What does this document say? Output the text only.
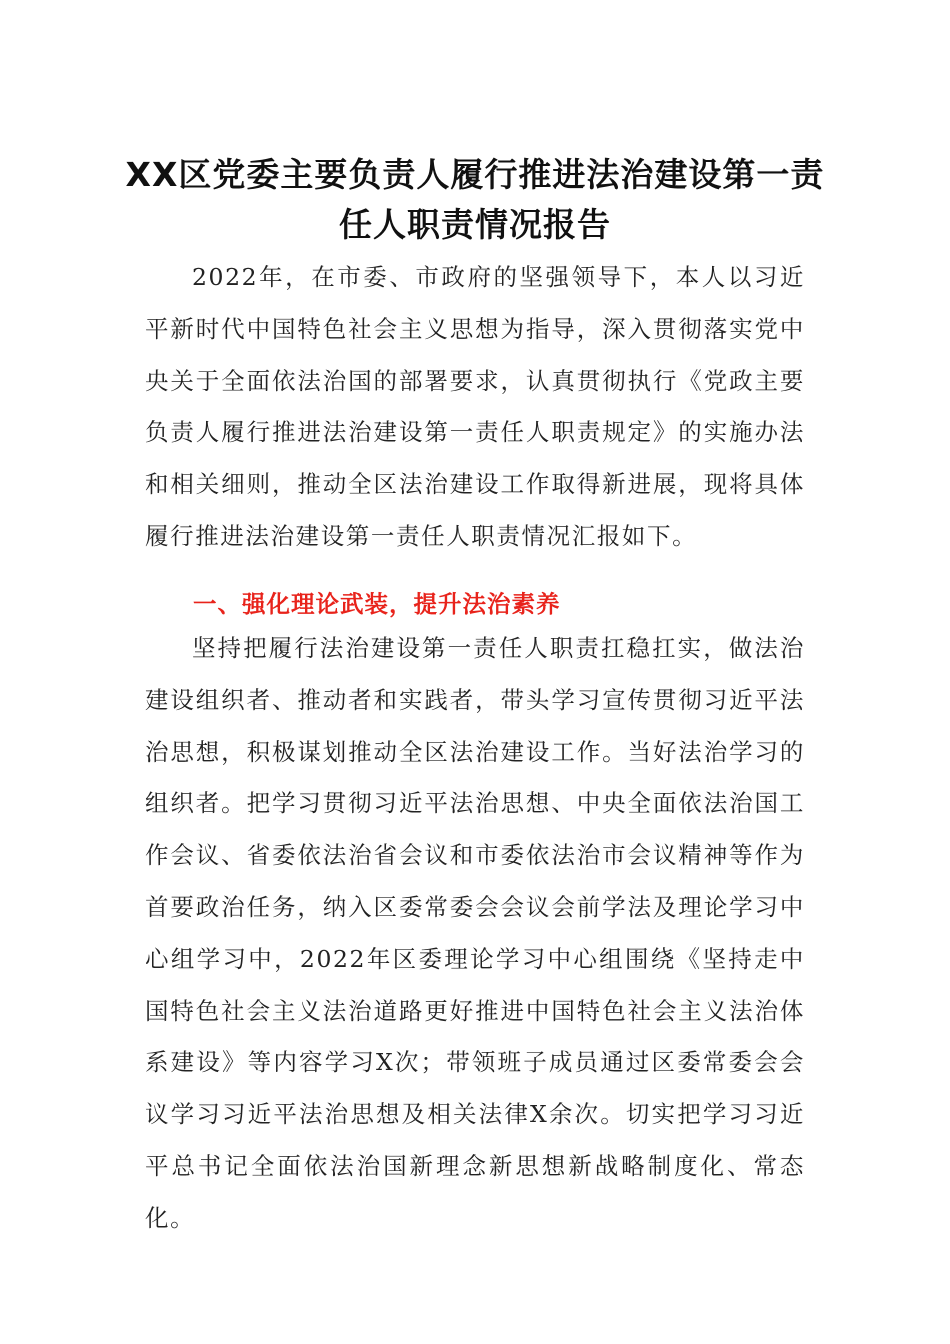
XX区党委主要负责人履行推进法治建设第一责任人职责情况报告

2022年，在市委、市政府的坚强领导下，本人以习近平新时代中国特色社会主义思想为指导，深入贯彻落实党中央关于全面依法治国的部署要求，认真贯彻执行《党政主要负责人履行推进法治建设第一责任人职责规定》的实施办法和相关细则，推动全区法治建设工作取得新进展，现将具体履行推进法治建设第一责任人职责情况汇报如下。

一、强化理论武装，提升法治素养

坚持把履行法治建设第一责任人职责扛稳扛实，做法治建设组织者、推动者和实践者，带头学习宣传贯彻习近平法治思想，积极谋划推动全区法治建设工作。当好法治学习的组织者。把学习贯彻习近平法治思想、中央全面依法治国工作会议、省委依法治省会议和市委依法治市会议精神等作为首要政治任务，纳入区委常委会会议会前学法及理论学习中心组学习中，2022年区委理论学习中心组围绕《坚持走中国特色社会主义法治道路更好推进中国特色社会主义法治体系建设》等内容学习X次；带领班子成员通过区委常委会会议学习习近平法治思想及相关法律X余次。切实把学习习近平总书记全面依法治国新理念新思想新战略制度化、常态化。
